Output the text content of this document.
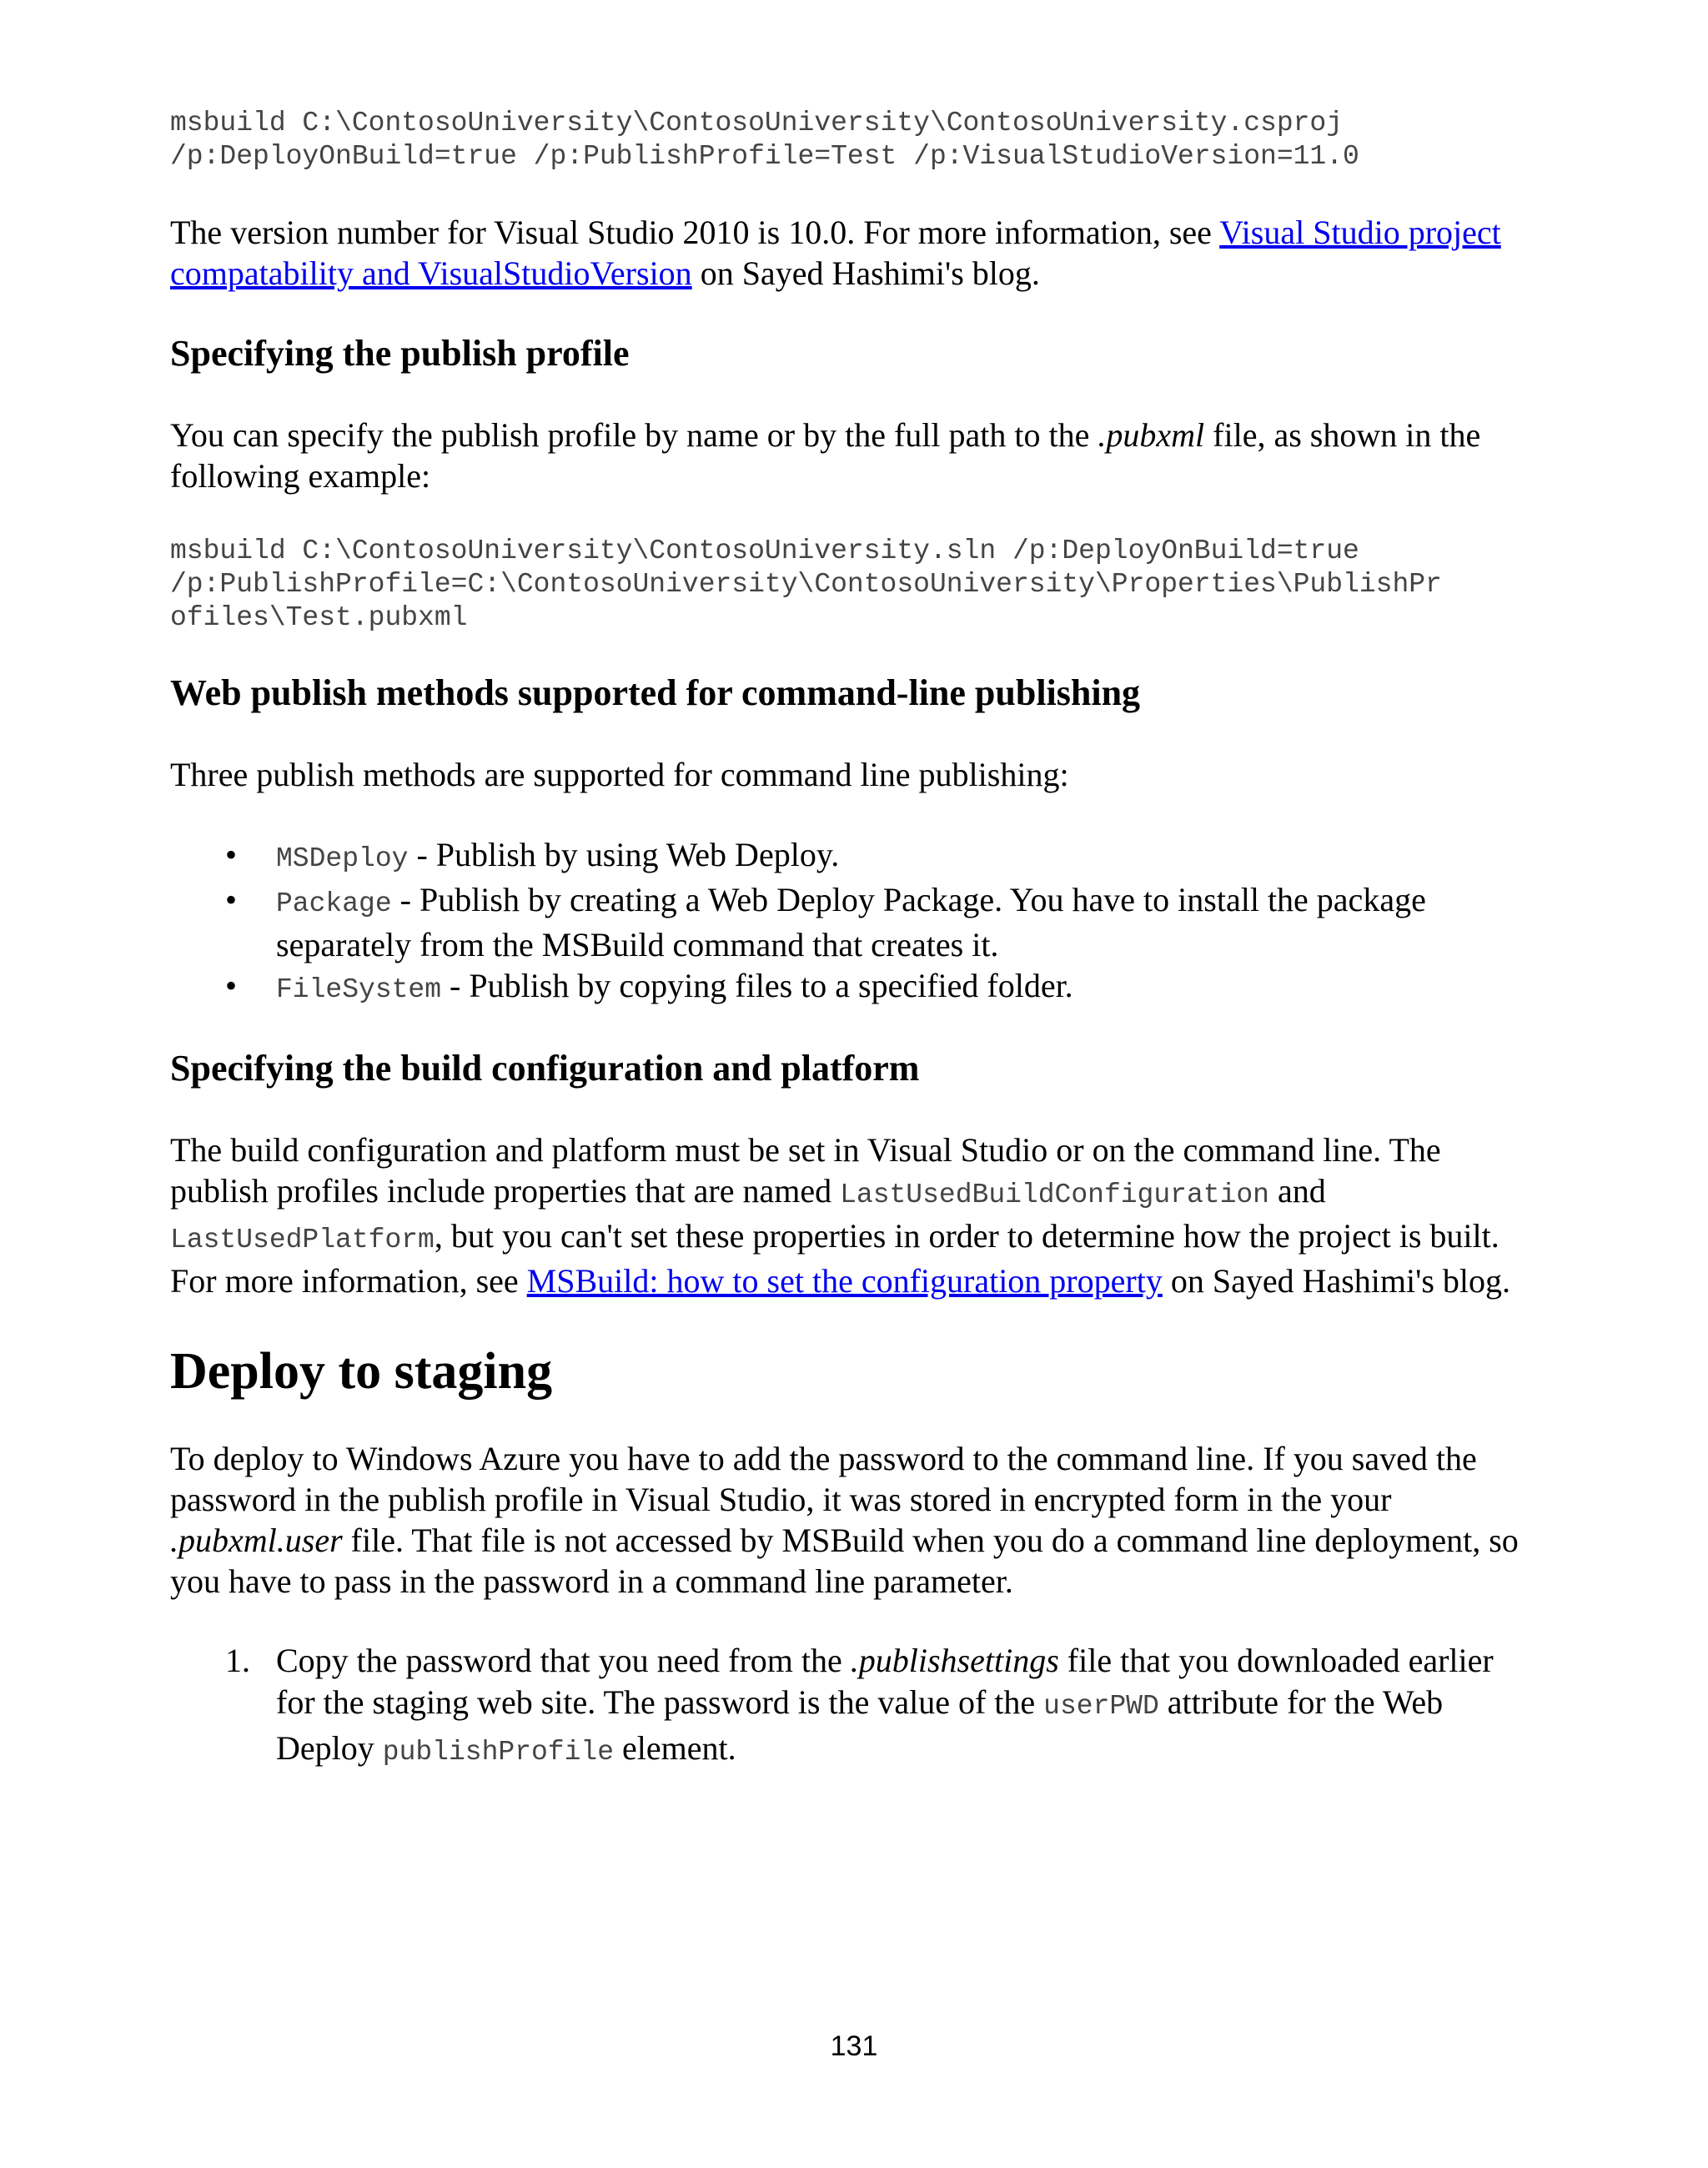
msbuild C:\ContosoUniversity\ContosoUniversity\ContosoUniversity.csproj
/p:DeployOnBuild=true /p:PublishProfile=Test /p:VisualStudioVersion=11.0

The version number for Visual Studio 2010 is 10.0. For more information, see Visual Studio project compatability and VisualStudioVersion on Sayed Hashimi's blog.

Specifying the publish profile

You can specify the publish profile by name or by the full path to the .pubxml file, as shown in the following example:

msbuild C:\ContosoUniversity\ContosoUniversity.sln /p:DeployOnBuild=true
/p:PublishProfile=C:\ContosoUniversity\ContosoUniversity\Properties\PublishPr
ofiles\Test.pubxml
Web publish methods supported for command-line publishing

Three publish methods are supported for command line publishing:

• MSDeploy - Publish by using Web Deploy.
• Package - Publish by creating a Web Deploy Package. You have to install the package separately from the MSBuild command that creates it.
• FileSystem - Publish by copying files to a specified folder.
Specifying the build configuration and platform

The build configuration and platform must be set in Visual Studio or on the command line. The publish profiles include properties that are named LastUsedBuildConfiguration and LastUsedPlatform, but you can't set these properties in order to determine how the project is built. For more information, see MSBuild: how to set the configuration property on Sayed Hashimi's blog.

Deploy to staging

To deploy to Windows Azure you have to add the password to the command line. If you saved the password in the publish profile in Visual Studio, it was stored in encrypted form in the your .pubxml.user file. That file is not accessed by MSBuild when you do a command line deployment, so you have to pass in the password in a command line parameter.

1. Copy the password that you need from the .publishsettings file that you downloaded earlier for the staging web site. The password is the value of the userPWD attribute for the Web Deploy publishProfile element.
131
